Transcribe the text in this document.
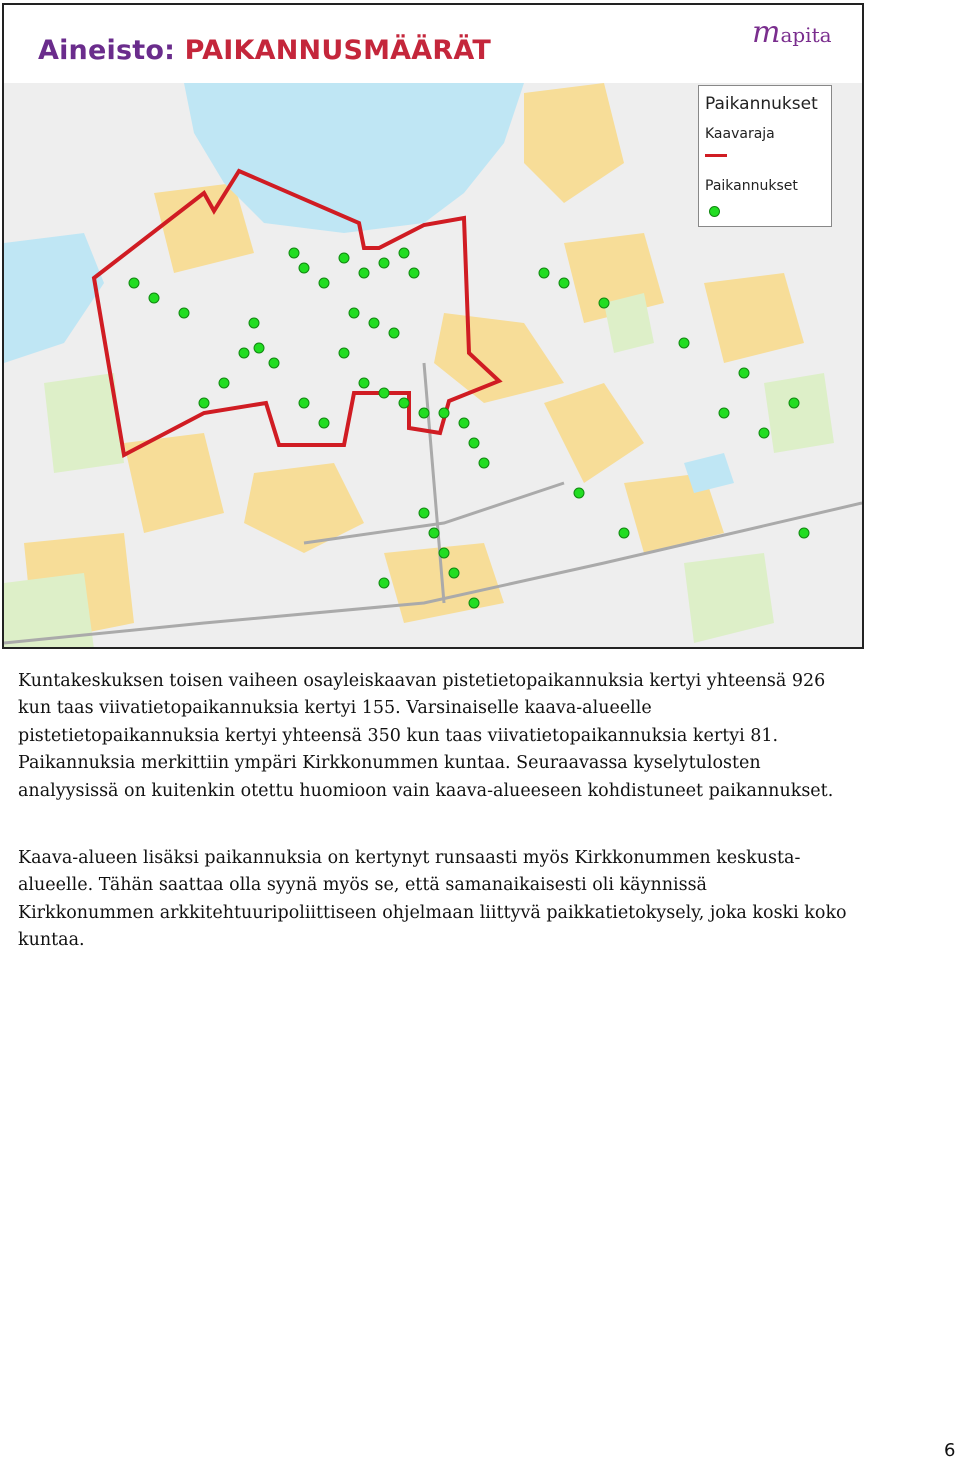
Aineisto: PAIKANNUSMÄÄRÄT
mapita
Paikannukset
Kaavaraja
Paikannukset

Kuntakeskuksen toisen vaiheen osayleiskaavan pistetietopaikannuksia kertyi yhteensä 926 kun taas viivatietopaikannuksia kertyi 155. Varsinaiselle kaava-alueelle pistetietopaikannuksia kertyi yhteensä 350 kun taas viivatietopaikannuksia kertyi 81. Paikannuksia merkittiin ympäri Kirkkonummen kuntaa. Seuraavassa kyselytulosten analyysissä on kuitenkin otettu huomioon vain kaava-alueeseen kohdistuneet paikannukset.

Kaava-alueen lisäksi paikannuksia on kertynyt runsaasti myös Kirkkonummen keskusta-alueelle. Tähän saattaa olla syynä myös se, että samanaikaisesti oli käynnissä Kirkkonummen arkkitehtuuripoliittiseen ohjelmaan liittyvä paikkatietokysely, joka koski koko kuntaa.

6
